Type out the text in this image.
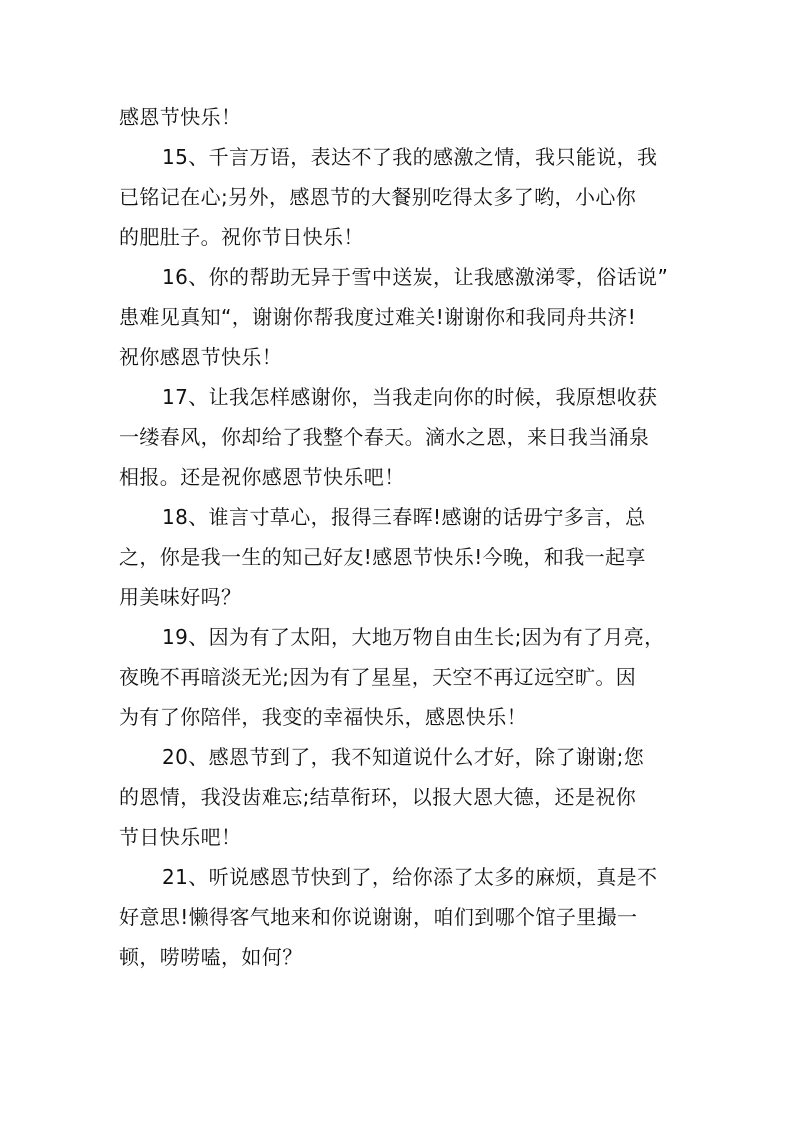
感恩节快乐！
15、千言万语，表达不了我的感激之情，我只能说，我
已铭记在心;另外，感恩节的大餐别吃得太多了哟，小心你
的肥肚子。祝你节日快乐！
16、你的帮助无异于雪中送炭，让我感激涕零，俗话说”
患难见真知“，谢谢你帮我度过难关!谢谢你和我同舟共济!
祝你感恩节快乐！
17、让我怎样感谢你，当我走向你的时候，我原想收获
一缕春风，你却给了我整个春天。滴水之恩，来日我当涌泉
相报。还是祝你感恩节快乐吧！
18、谁言寸草心，报得三春晖!感谢的话毋宁多言，总
之，你是我一生的知己好友!感恩节快乐!今晚，和我一起享
用美味好吗？
19、因为有了太阳，大地万物自由生长;因为有了月亮，
夜晚不再暗淡无光;因为有了星星，天空不再辽远空旷。因
为有了你陪伴，我变的幸福快乐，感恩快乐！
20、感恩节到了，我不知道说什么才好，除了谢谢;您
的恩情，我没齿难忘;结草衔环，以报大恩大德，还是祝你
节日快乐吧！
21、听说感恩节快到了，给你添了太多的麻烦，真是不
好意思!懒得客气地来和你说谢谢，咱们到哪个馆子里撮一
顿，唠唠嗑，如何？
